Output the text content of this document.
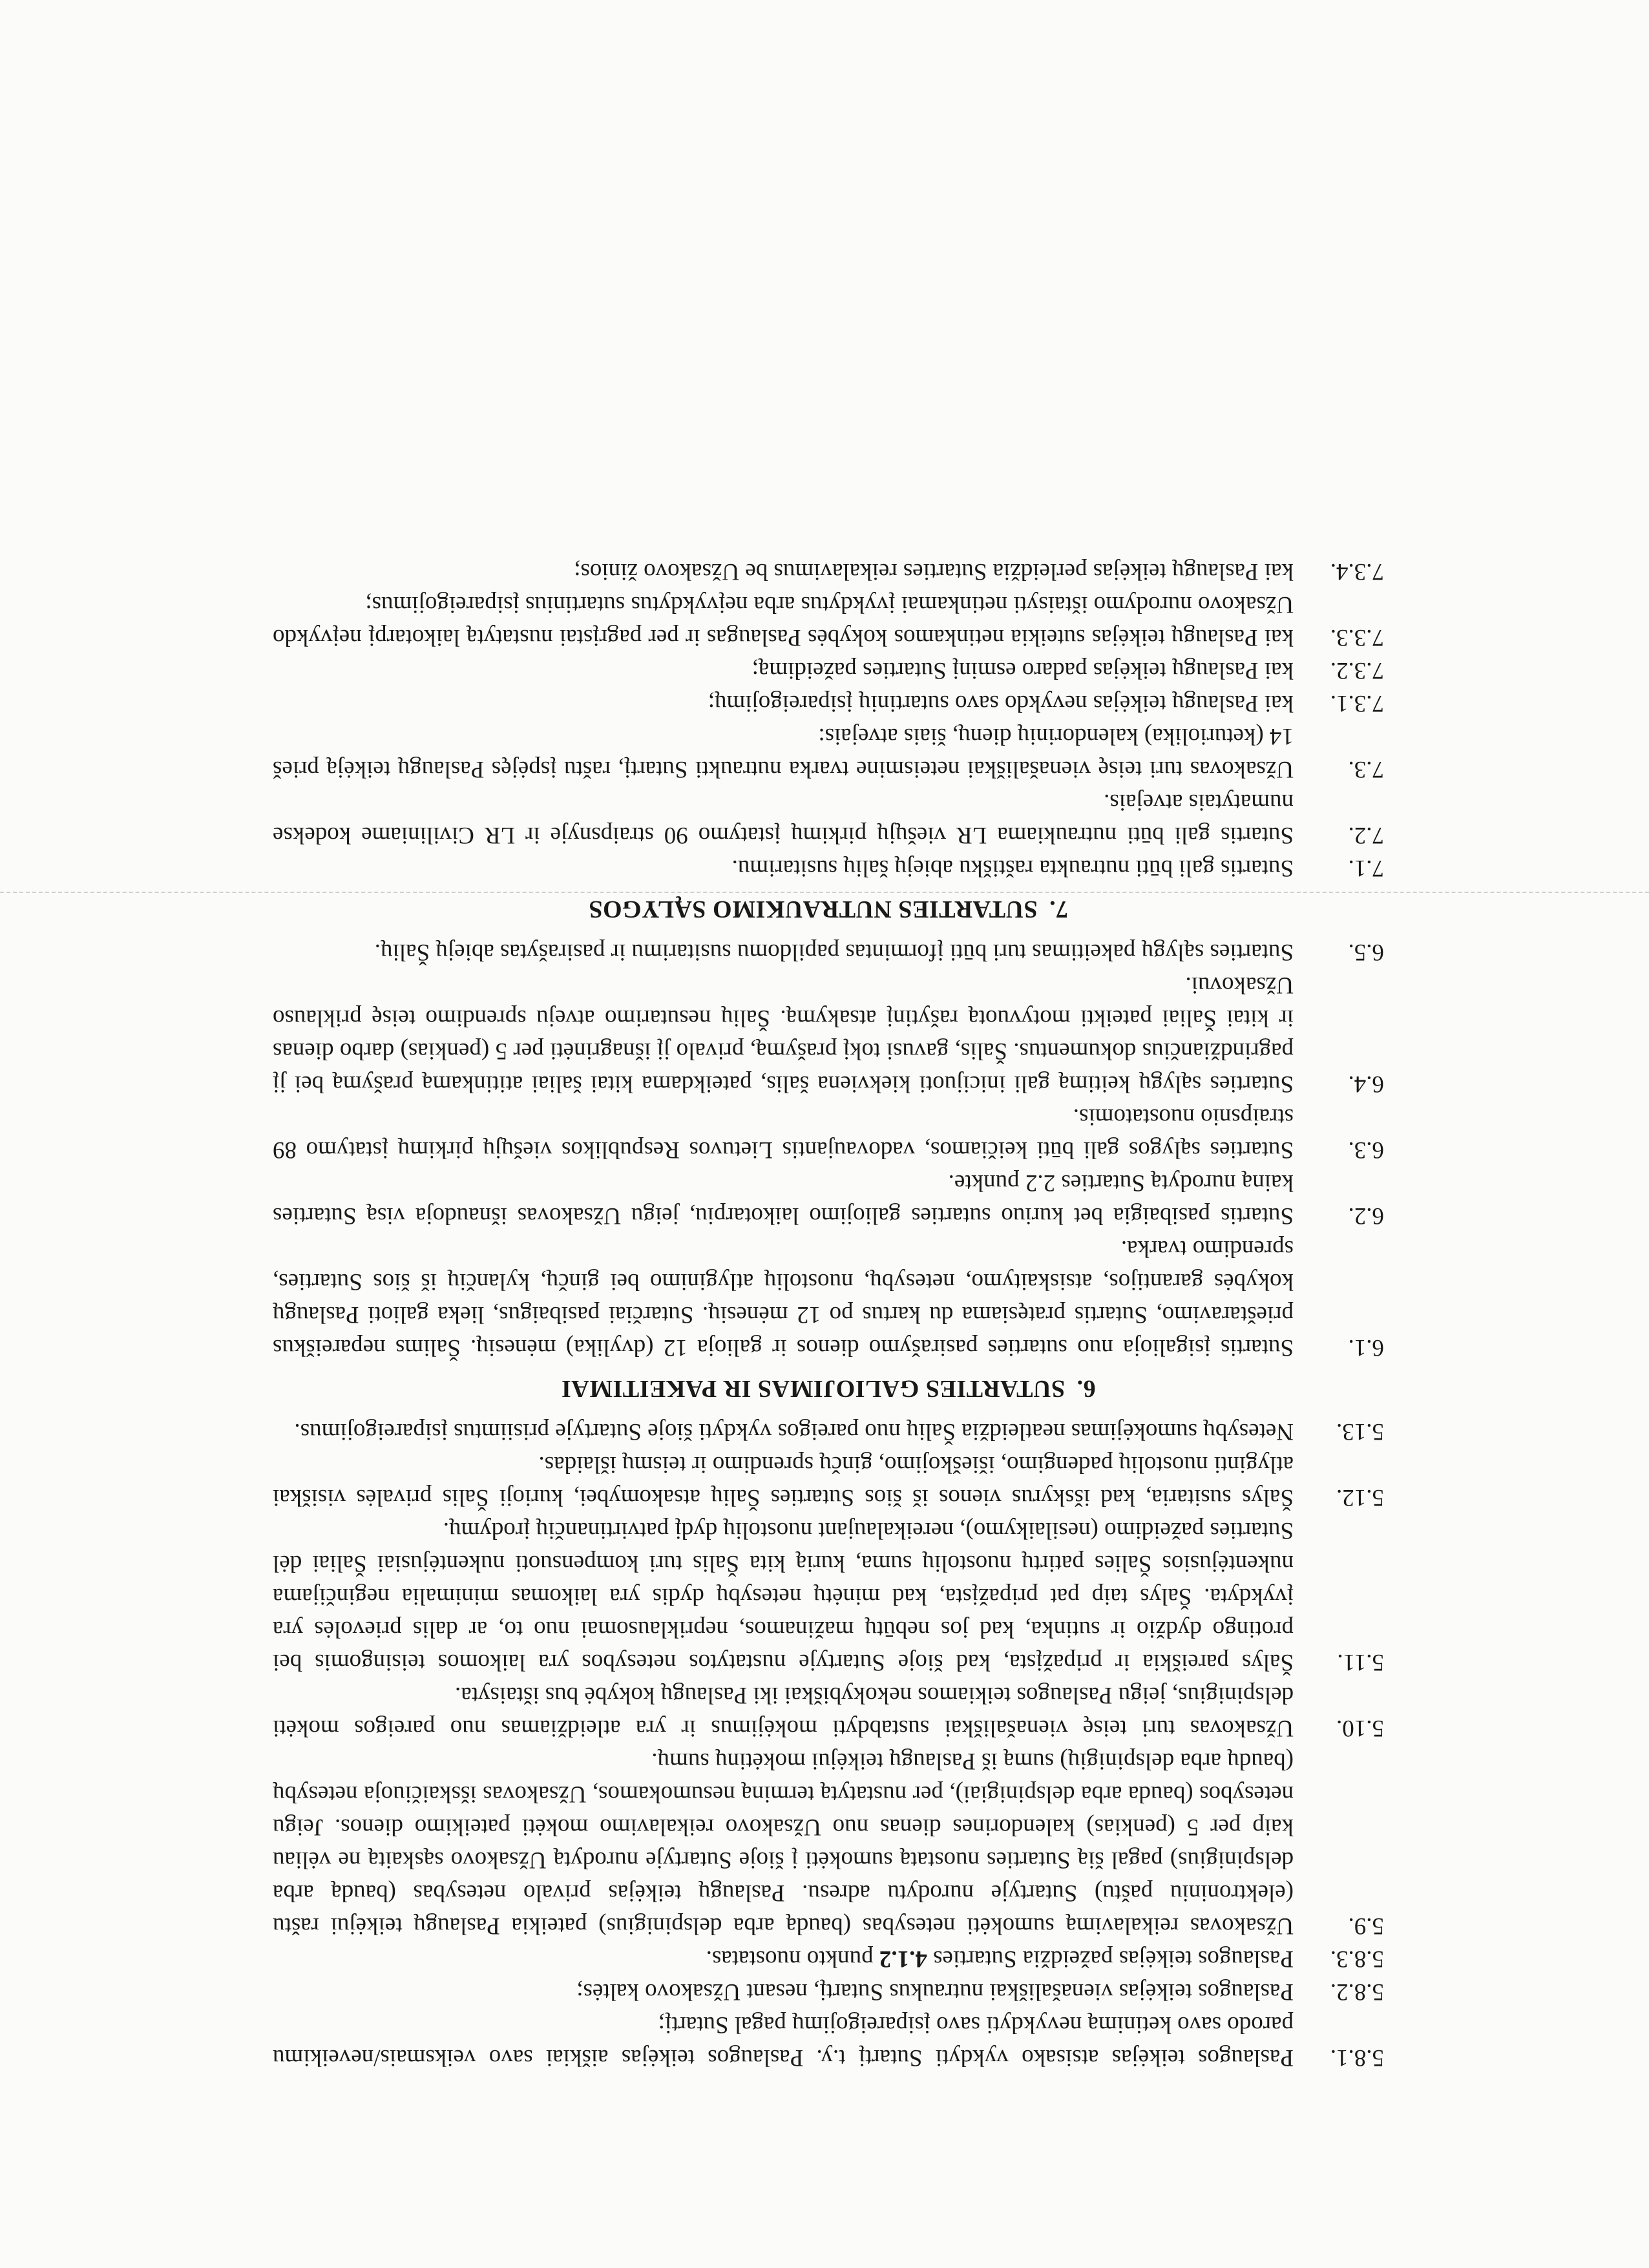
5.8.1.
Paslaugos teikėjas atsisako vykdyti Sutartį t.y. Paslaugos teikėjas aiškiai savo veiksmais/neveikimu parodo savo ketinimą nevykdyti savo įsipareigojimų pagal Sutartį;
5.8.2.
Paslaugos teikėjas vienašališkai nutraukus Sutartį, nesant Užsakovo kaltės;
5.8.3.
Paslaugos teikėjas pažeidžia Sutarties 4.1.2 punkto nuostatas.
5.9.
Užsakovas reikalavimą sumokėti netesybas (baudą arba delspinigius) pateikia Paslaugų teikėjui raštu (elektroniniu paštu) Sutartyje nurodytu adresu. Paslaugų teikėjas privalo netesybas (baudą arba delspinigius) pagal šią Sutarties nuostatą sumokėti į šioje Sutartyje nurodytą Užsakovo sąskaitą ne vėliau kaip per 5 (penkias) kalendorines dienas nuo Užsakovo reikalavimo mokėti pateikimo dienos. Jeigu netesybos (bauda arba delspinigiai), per nustatytą terminą nesumokamos, Užsakovas išskaičiuoja netesybų (baudų arba delspinigių) sumą iš Paslaugų teikėjui mokėtinų sumų.
5.10.
Užsakovas turi teisę vienašališkai sustabdyti mokėjimus ir yra atleidžiamas nuo pareigos mokėti delspinigius, jeigu Paslaugos teikiamos nekokybiškai iki Paslaugų kokybė bus ištaisyta.
5.11.
Šalys pareiškia ir pripažįsta, kad šioje Sutartyje nustatytos netesybos yra laikomos teisingomis bei protingo dydžio ir sutinka, kad jos nebūtų mažinamos, nepriklausomai nuo to, ar dalis prievolės yra įvykdyta. Šalys taip pat pripažįsta, kad minėtų netesybų dydis yra laikomas minimalia neginčijama nukentėjusios Šalies patirtų nuostolių suma, kurią kita Šalis turi kompensuoti nukentėjusiai Šaliai dėl Sutarties pažeidimo (nesilaikymo), nereikalaujant nuostolių dydį patvirtinančių įrodymų.
5.12.
Šalys susitaria, kad išskyrus vienos iš šios Sutarties Šalių atsakomybei, kurioji Šalis privalės visiškai atlyginti nuostolių padengimo, išieškojimo, ginčų sprendimo ir teismų išlaidas.
5.13.
Netesybų sumokėjimas neatleidžia Šalių nuo pareigos vykdyti šioje Sutartyje prisiimtus įsipareigojimus.
6.SUTARTIES GALIOJIMAS IR PAKEITIMAI
6.1.
Sutartis įsigalioja nuo sutarties pasirašymo dienos ir galioja 12 (dvylika) mėnesių. Šalims nepareiškus prieštaravimo, Sutartis pratęsiama du kartus po 12 mėnesių. Sutarčiai pasibaigus, lieka galioti Paslaugų kokybės garantijos, atsiskaitymo, netesybų, nuostolių atlyginimo bei ginčų, kylančių iš šios Sutarties, sprendimo tvarka.
6.2.
Sutartis pasibaigia bet kuriuo sutarties galiojimo laikotarpiu, jeigu Užsakovas išnaudoja visą Sutarties kainą nurodytą Sutarties 2.2 punkte.
6.3.
Sutarties sąlygos gali būti keičiamos, vadovaujantis Lietuvos Respublikos viešųjų pirkimų įstatymo 89 straipsnio nuostatomis.
6.4.
Sutarties sąlygų keitimą gali inicijuoti kiekviena šalis, pateikdama kitai šaliai atitinkamą prašymą bei jį pagrindžiančius dokumentus. Šalis, gavusi tokį prašymą, privalo jį išnagrinėti per 5 (penkias) darbo dienas ir kitai Šaliai pateikti motyvuotą rašytinį atsakymą. Šalių nesutarimo atveju sprendimo teisę priklauso Užsakovui.
6.5.
Sutarties sąlygų pakeitimas turi būti įformintas papildomu susitarimu ir pasirašytas abiejų Šalių.
7.SUTARTIES NUTRAUKIMO SĄLYGOS
7.1.
Sutartis gali būti nutraukta raštišku abiejų šalių susitarimu.
7.2.
Sutartis gali būti nutraukiama LR viešųjų pirkimų įstatymo 90 straipsnyje ir LR Civiliniame kodekse numatytais atvejais.
7.3.
Užsakovas turi teisę vienašališkai neteisminе tvarka nutraukti Sutartį, raštu įspėjęs Paslaugų teikėją prieš 14 (keturiolika) kalendorinių dienų, šiais atvejais:
7.3.1.
kai Paslaugų teikėjas nevykdo savo sutartinių įsipareigojimų;
7.3.2.
kai Paslaugų teikėjas padaro esminį Sutarties pažeidimą;
7.3.3.
kai Paslaugų teikėjas suteikia netinkamos kokybės Paslaugas ir per pagrįstai nustatytą laikotarpį neįvykdo Užsakovo nurodymo ištaisyti netinkamai įvykdytus arba neįvykdytus sutartinius įsipareigojimus;
7.3.4.
kai Paslaugų teikėjas perleidžia Sutarties reikalavimus be Užsakovo žinios;
